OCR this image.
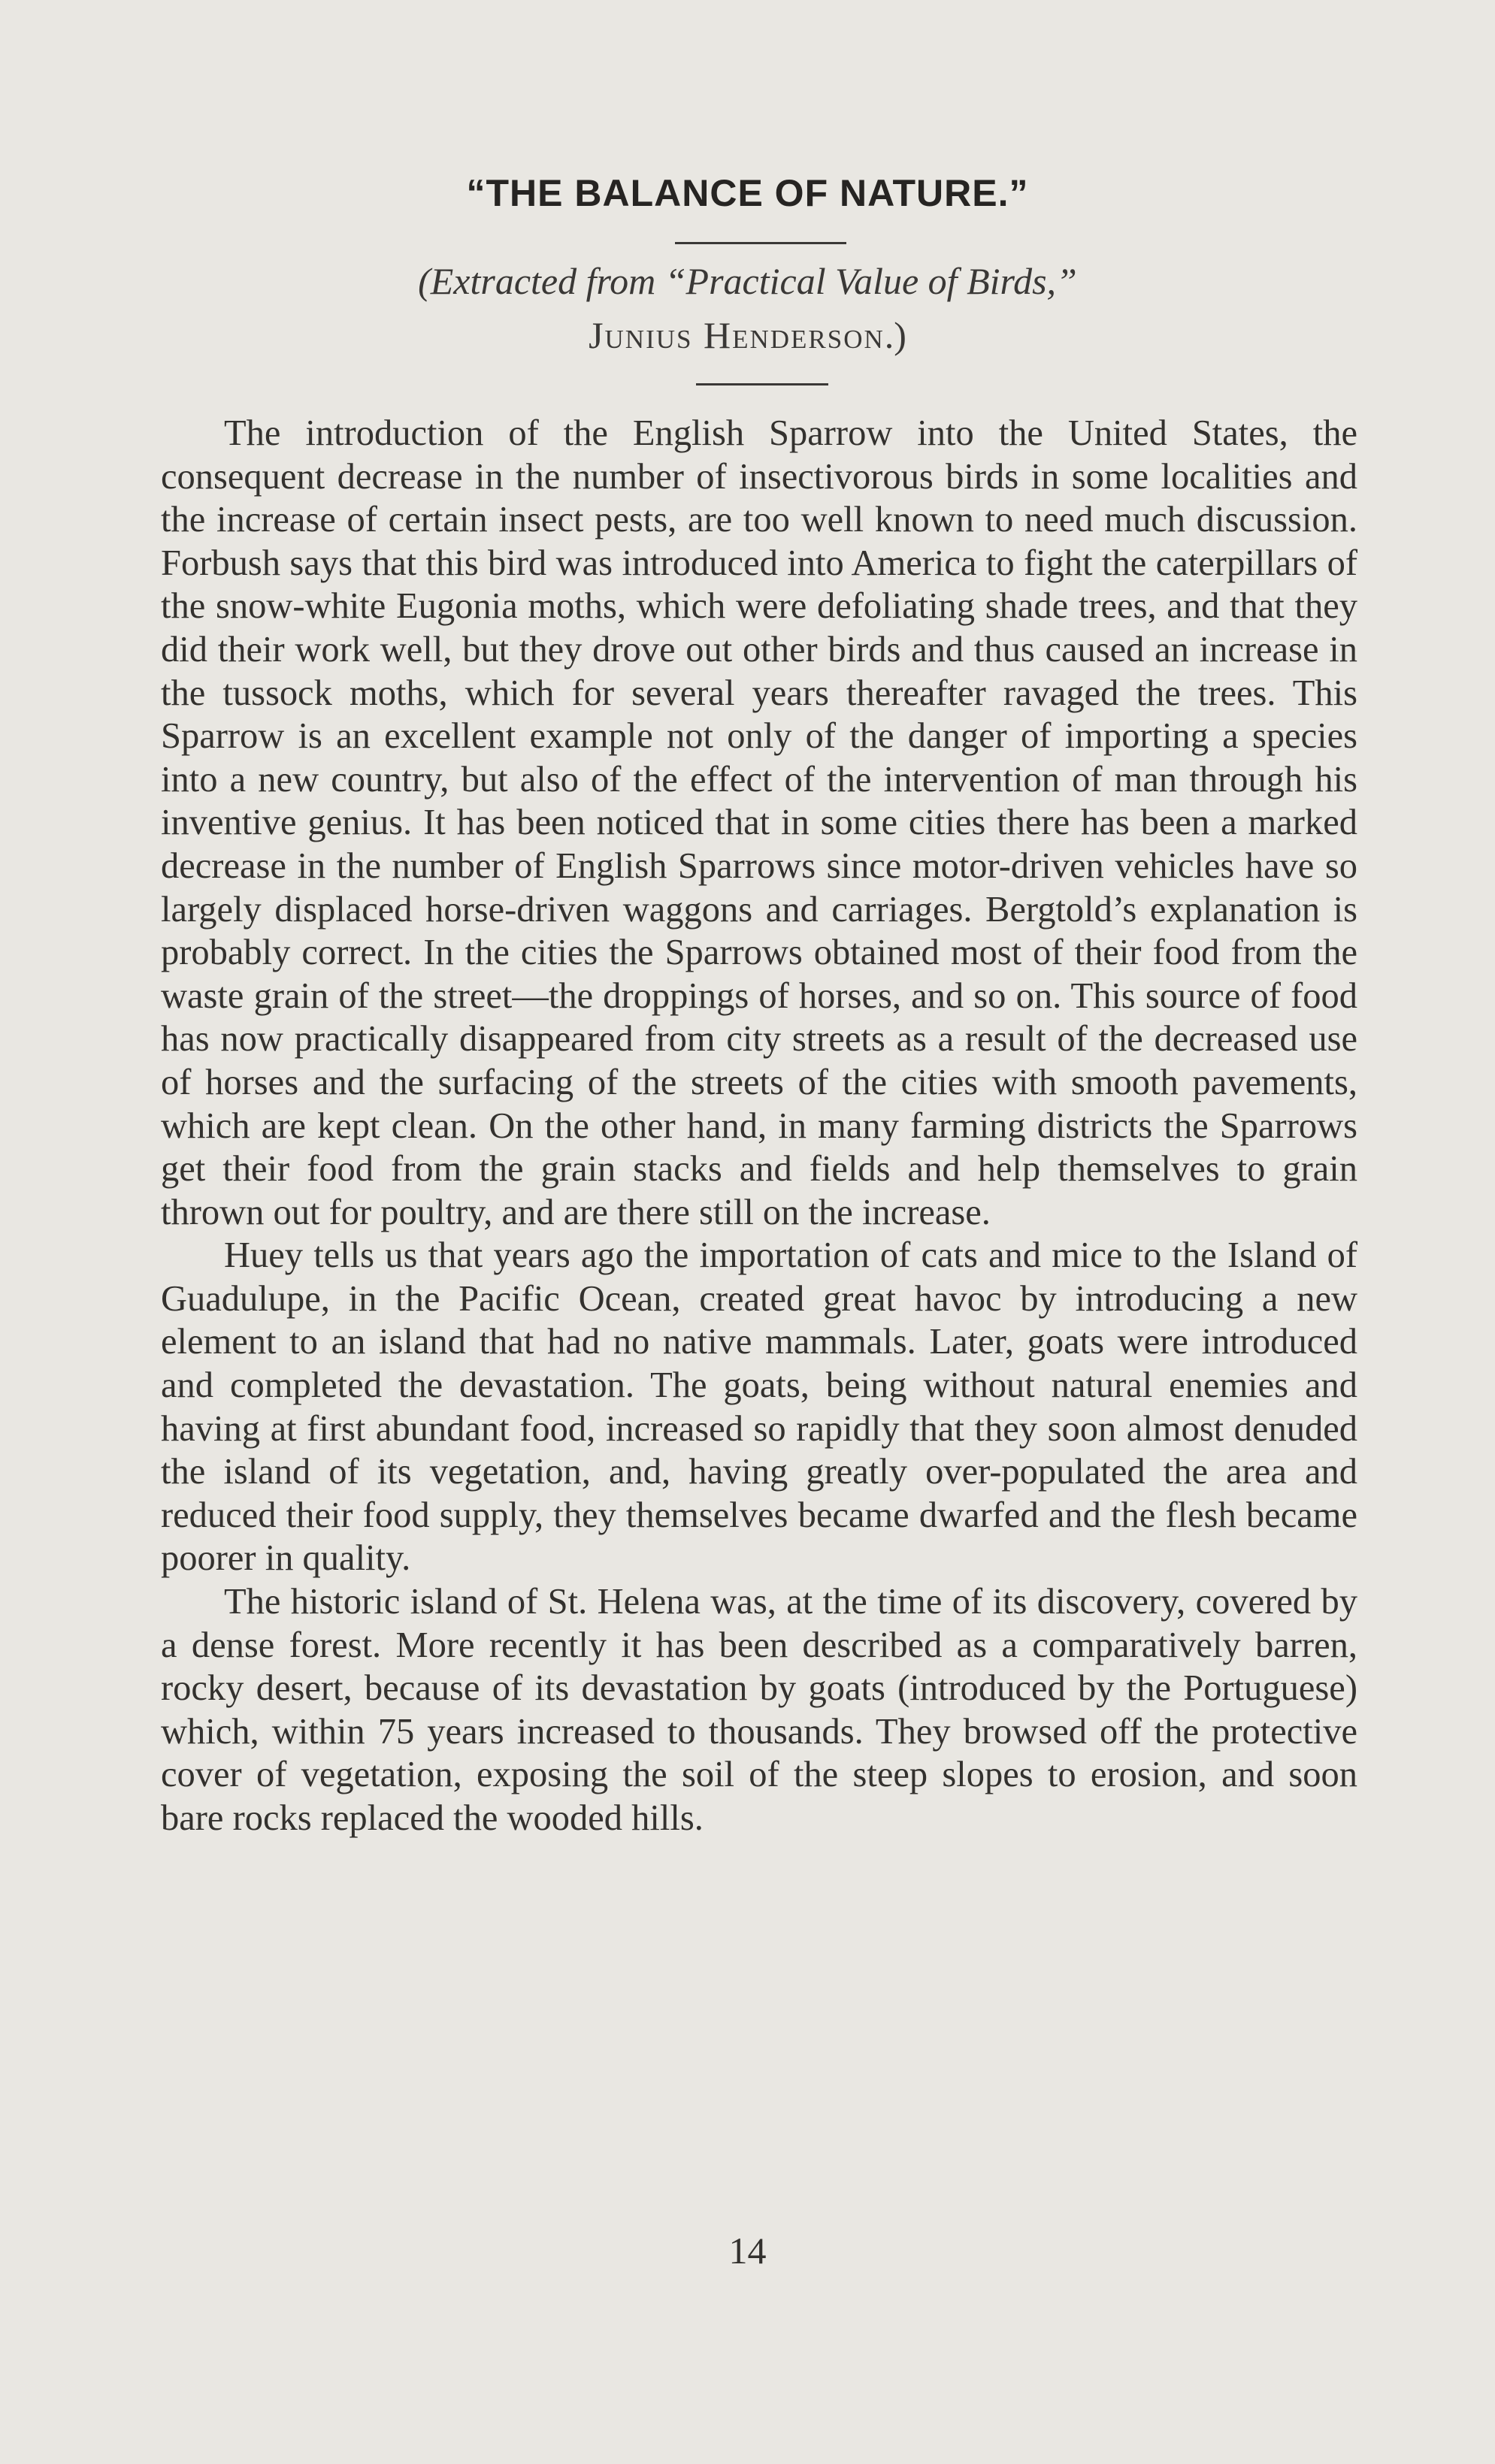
“THE BALANCE OF NATURE.”
(Extracted from “Practical Value of Birds,”
Junius Henderson.)

The introduction of the English Sparrow into the United States, the consequent decrease in the number of insectivorous birds in some localities and the increase of certain insect pests, are too well known to need much discussion. Forbush says that this bird was introduced into America to fight the caterpillars of the snow-white Eugonia moths, which were defoliating shade trees, and that they did their work well, but they drove out other birds and thus caused an increase in the tussock moths, which for several years thereafter ravaged the trees. This Sparrow is an excellent example not only of the danger of importing a species into a new country, but also of the effect of the intervention of man through his inventive genius. It has been noticed that in some cities there has been a marked decrease in the number of English Sparrows since motor-driven vehicles have so largely displaced horse-driven waggons and carriages. Bergtold’s explanation is probably correct. In the cities the Sparrows obtained most of their food from the waste grain of the street—the droppings of horses, and so on. This source of food has now practically disappeared from city streets as a result of the decreased use of horses and the surfacing of the streets of the cities with smooth pavements, which are kept clean. On the other hand, in many farming districts the Sparrows get their food from the grain stacks and fields and help themselves to grain thrown out for poultry, and are there still on the increase.

Huey tells us that years ago the importation of cats and mice to the Island of Guadulupe, in the Pacific Ocean, created great havoc by introducing a new element to an island that had no native mammals. Later, goats were introduced and completed the devastation. The goats, being without natural enemies and having at first abundant food, increased so rapidly that they soon almost denuded the island of its vegetation, and, having greatly over-populated the area and reduced their food supply, they themselves became dwarfed and the flesh became poorer in quality.

The historic island of St. Helena was, at the time of its discovery, covered by a dense forest. More recently it has been described as a comparatively barren, rocky desert, because of its devastation by goats (introduced by the Portuguese) which, within 75 years increased to thousands. They browsed off the protective cover of vegetation, exposing the soil of the steep slopes to erosion, and soon bare rocks replaced the wooded hills.

14
